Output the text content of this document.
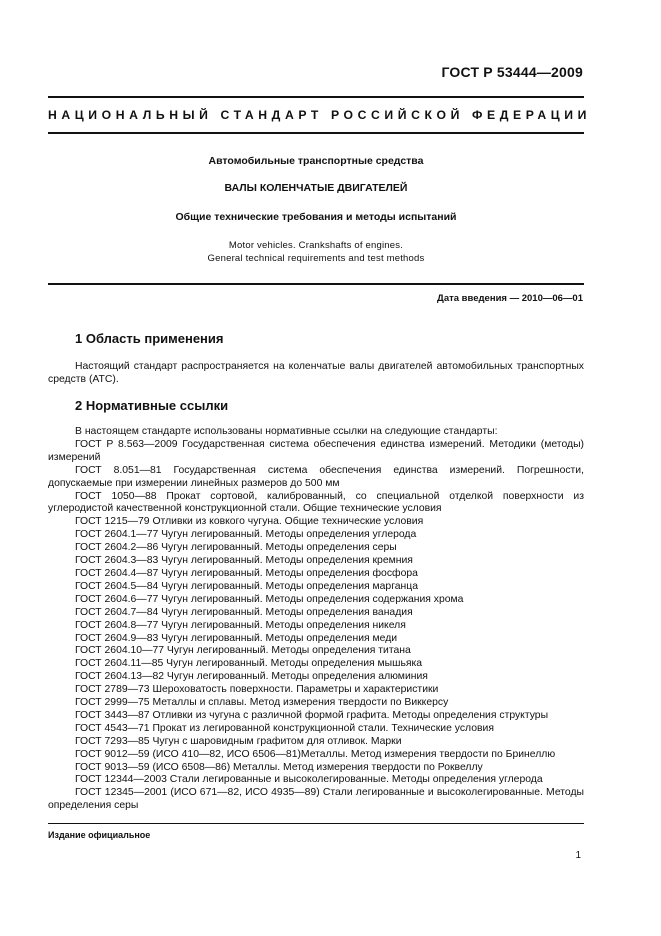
ГОСТ Р 53444—2009
НАЦИОНАЛЬНЫЙ СТАНДАРТ РОССИЙСКОЙ ФЕДЕРАЦИИ
Автомобильные транспортные средства
ВАЛЫ КОЛЕНЧАТЫЕ ДВИГАТЕЛЕЙ
Общие технические требования и методы испытаний
Motor vehicles. Crankshafts of engines.
General technical requirements and test methods
Дата введения — 2010—06—01
1 Область применения
Настоящий стандарт распространяется на коленчатые валы двигателей автомобильных транспортных средств (АТС).
2 Нормативные ссылки
В настоящем стандарте использованы нормативные ссылки на следующие стандарты:
ГОСТ Р 8.563—2009 Государственная система обеспечения единства измерений. Методики (методы) измерений
ГОСТ 8.051—81 Государственная система обеспечения единства измерений. Погрешности, допускаемые при измерении линейных размеров до 500 мм
ГОСТ 1050—88 Прокат сортовой, калиброванный, со специальной отделкой поверхности из углеродистой качественной конструкционной стали. Общие технические условия
ГОСТ 1215—79 Отливки из ковкого чугуна. Общие технические условия
ГОСТ 2604.1—77 Чугун легированный. Методы определения углерода
ГОСТ 2604.2—86 Чугун легированный. Методы определения серы
ГОСТ 2604.3—83 Чугун легированный. Методы определения кремния
ГОСТ 2604.4—87 Чугун легированный. Методы определения фосфора
ГОСТ 2604.5—84 Чугун легированный. Методы определения марганца
ГОСТ 2604.6—77 Чугун легированный. Методы определения содержания хрома
ГОСТ 2604.7—84 Чугун легированный. Методы определения ванадия
ГОСТ 2604.8—77 Чугун легированный. Методы определения никеля
ГОСТ 2604.9—83 Чугун легированный. Методы определения меди
ГОСТ 2604.10—77 Чугун легированный. Методы определения титана
ГОСТ 2604.11—85 Чугун легированный. Методы определения мышьяка
ГОСТ 2604.13—82 Чугун легированный. Методы определения алюминия
ГОСТ 2789—73 Шероховатость поверхности. Параметры и характеристики
ГОСТ 2999—75 Металлы и сплавы. Метод измерения твердости по Виккерсу
ГОСТ 3443—87 Отливки из чугуна с различной формой графита. Методы определения структуры
ГОСТ 4543—71 Прокат из легированной конструкционной стали. Технические условия
ГОСТ 7293—85 Чугун с шаровидным графитом для отливок. Марки
ГОСТ 9012—59 (ИСО 410—82, ИСО 6506—81)Металлы. Метод измерения твердости по Бринеллю
ГОСТ 9013—59 (ИСО 6508—86) Металлы. Метод измерения твердости по Роквеллу
ГОСТ 12344—2003 Стали легированные и высоколегированные. Методы определения углерода
ГОСТ 12345—2001 (ИСО 671—82, ИСО 4935—89) Стали легированные и высоколегированные. Методы определения серы
Издание официальное
1
